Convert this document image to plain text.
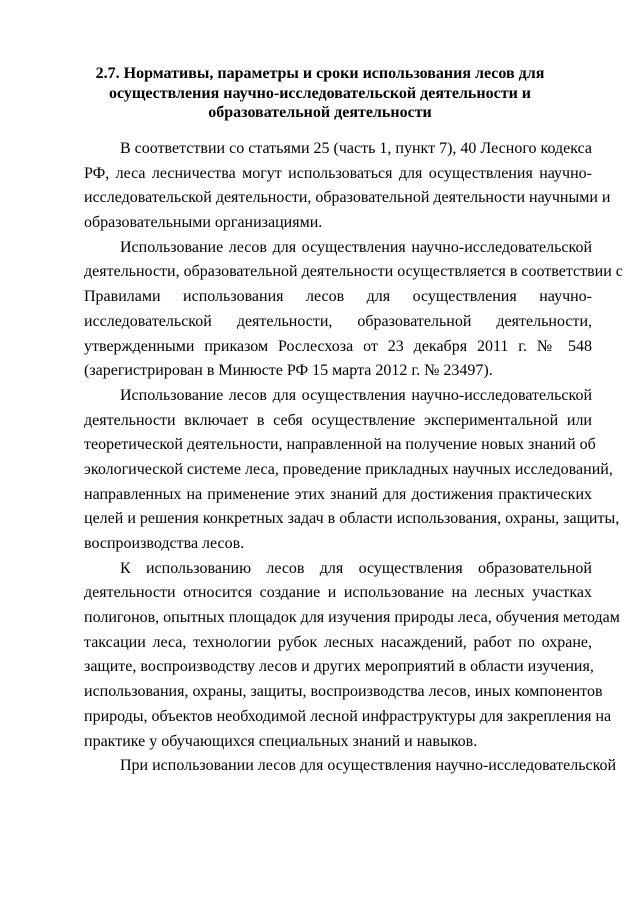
2.7. Нормативы, параметры и сроки использования лесов для
осуществления научно-исследовательской деятельности и
образовательной деятельности

В соответствии со статьями 25 (часть 1, пункт 7), 40 Лесного кодекса
РФ, леса лесничества могут использоваться для осуществления научно-
исследовательской деятельности, образовательной деятельности научными и
образовательными организациями.

Использование лесов для осуществления научно-исследовательской
деятельности, образовательной деятельности осуществляется в соответствии с
Правилами использования лесов для осуществления научно-
исследовательской деятельности, образовательной деятельности,
утвержденными приказом Рослесхоза от 23 декабря 2011 г. № 548
(зарегистрирован в Минюсте РФ 15 марта 2012 г. № 23497).

Использование лесов для осуществления научно-исследовательской
деятельности включает в себя осуществление экспериментальной или
теоретической деятельности, направленной на получение новых знаний об
экологической системе леса, проведение прикладных научных исследований,
направленных на применение этих знаний для достижения практических
целей и решения конкретных задач в области использования, охраны, защиты,
воспроизводства лесов.

К использованию лесов для осуществления образовательной
деятельности относится создание и использование на лесных участках
полигонов, опытных площадок для изучения природы леса, обучения методам
таксации леса, технологии рубок лесных насаждений, работ по охране,
защите, воспроизводству лесов и других мероприятий в области изучения,
использования, охраны, защиты, воспроизводства лесов, иных компонентов
природы, объектов необходимой лесной инфраструктуры для закрепления на
практике у обучающихся специальных знаний и навыков.

При использовании лесов для осуществления научно-исследовательской
